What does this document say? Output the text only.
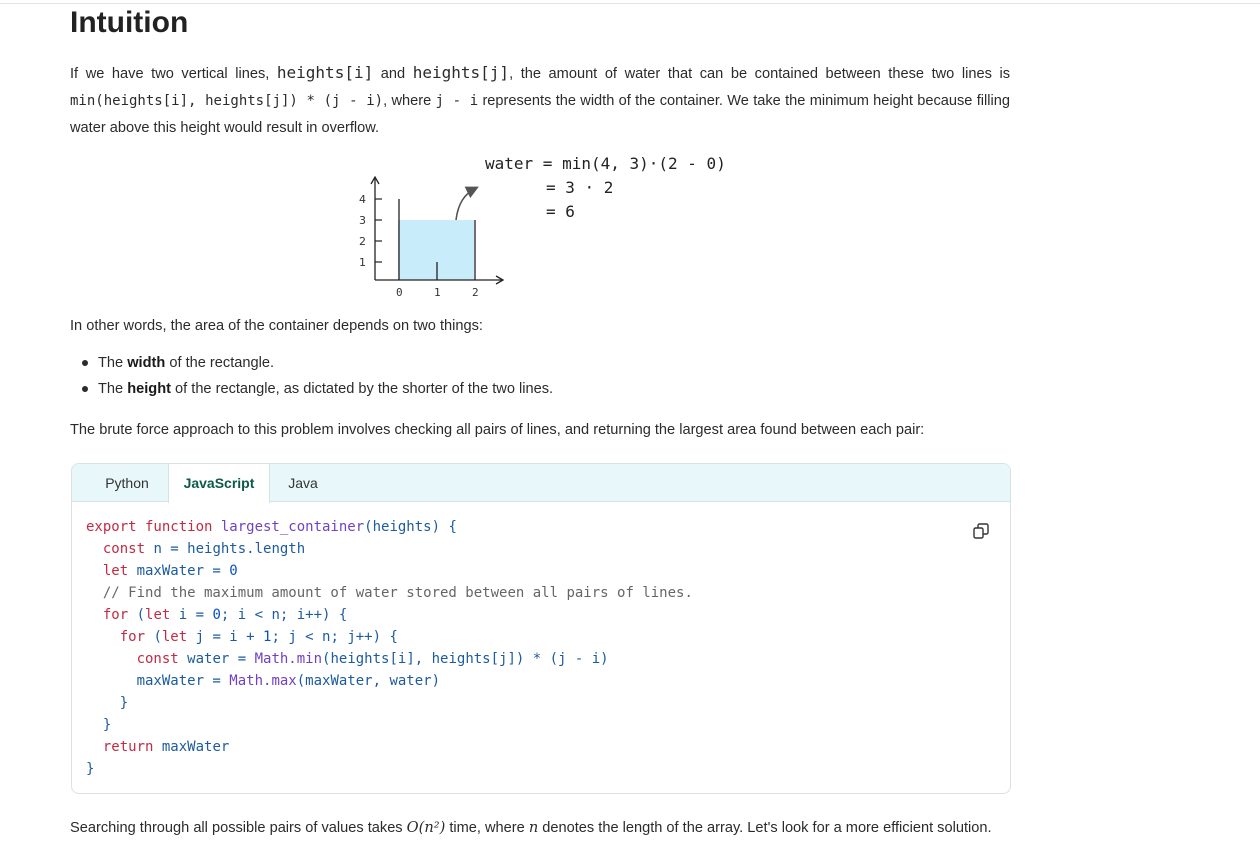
Intuition

If we have two vertical lines, heights[i] and heights[j], the amount of water that can be contained between these two lines is min(heights[i], heights[j]) * (j - i), where j - i represents the width of the container. We take the minimum height because filling water above this height would result in overflow.

1
2
3
4
0	1	2
water = min(4, 3)·(2 - 0)
= 3 · 2
= 6

In other words, the area of the container depends on two things:

The width of the rectangle.
The height of the rectangle, as dictated by the shorter of the two lines.

The brute force approach to this problem involves checking all pairs of lines, and returning the largest area found between each pair:

Python	JavaScript	Java
export function largest_container(heights) {
const n = heights.length
let maxWater = 0
// Find the maximum amount of water stored between all pairs of lines.
for (let i = 0; i < n; i++) {
for (let j = i + 1; j < n; j++) {
const water = Math.min(heights[i], heights[j]) * (j - i)
maxWater = Math.max(maxWater, water)
}
}
return maxWater
}

Searching through all possible pairs of values takes O(n²) time, where n denotes the length of the array. Let's look for a more efficient solution.
